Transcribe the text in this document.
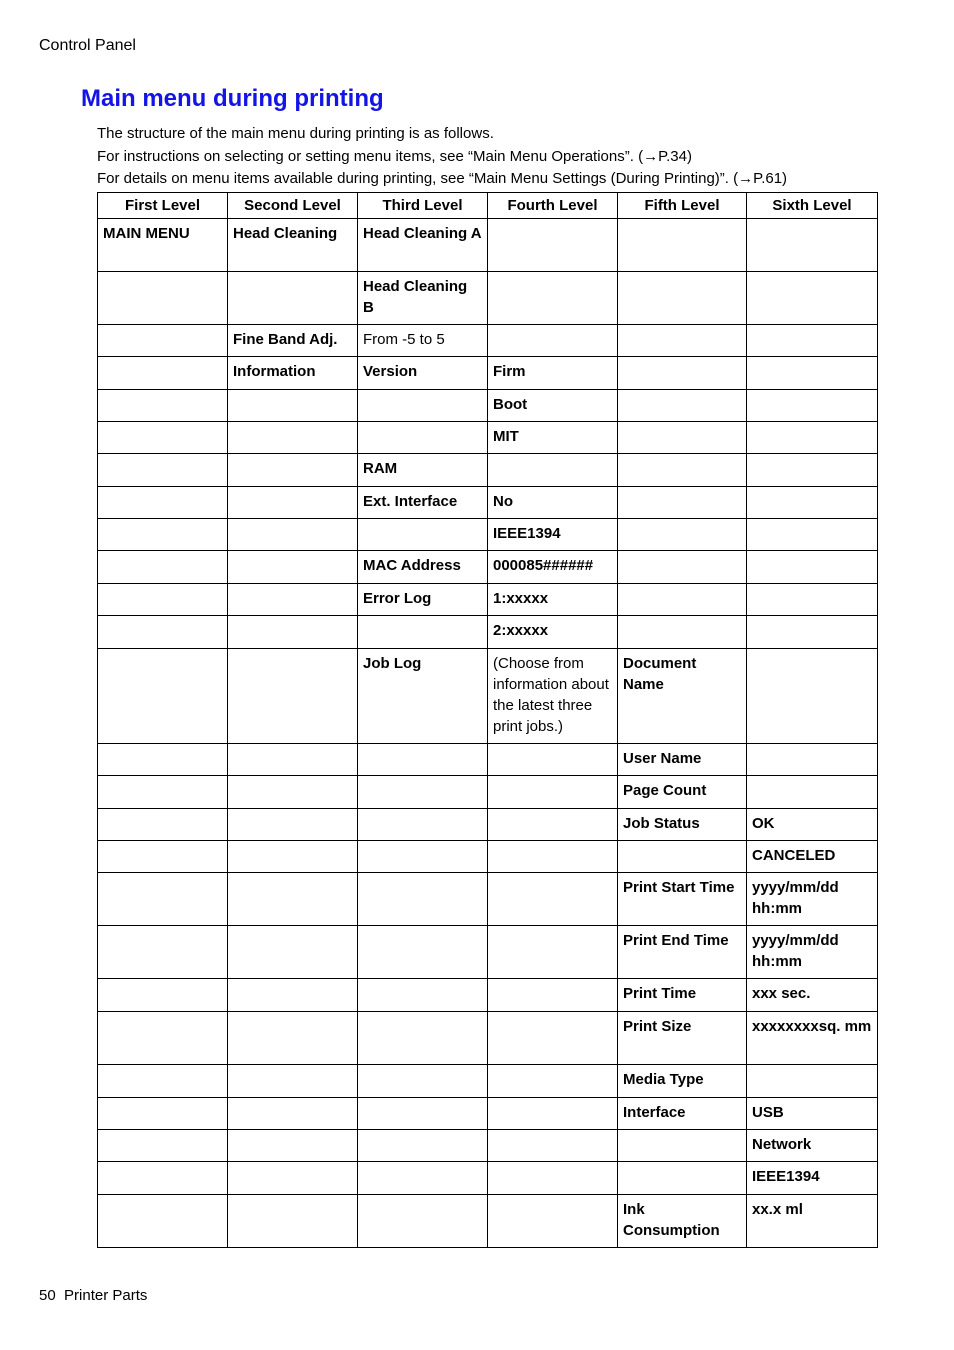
Control Panel
Main menu during printing
The structure of the main menu during printing is as follows.
For instructions on selecting or setting menu items, see “Main Menu Operations”. (→P.34)
For details on menu items available during printing, see “Main Menu Settings (During Printing)”. (→P.61)
First Level	Second Level	Third Level	Fourth Level	Fifth Level	Sixth Level
MAIN MENU	Head Cleaning	Head Cleaning A			
		Head Cleaning B			
	Fine Band Adj.	From -5 to 5			
	Information	Version	Firm		
			Boot		
			MIT		
		RAM			
		Ext. Interface	No		
			IEEE1394		
		MAC Address	000085######		
		Error Log	1:xxxxx		
			2:xxxxx		
		Job Log	(Choose from information about the latest three print jobs.)	Document Name	
				User Name	
				Page Count	
				Job Status	OK
					CANCELED
				Print Start Time	yyyy/mm/dd hh:mm
				Print End Time	yyyy/mm/dd hh:mm
				Print Time	xxx sec.
				Print Size	xxxxxxxxsq. mm
				Media Type	
				Interface	USB
					Network
					IEEE1394
				Ink Consumption	xx.x ml
50 Printer Parts
